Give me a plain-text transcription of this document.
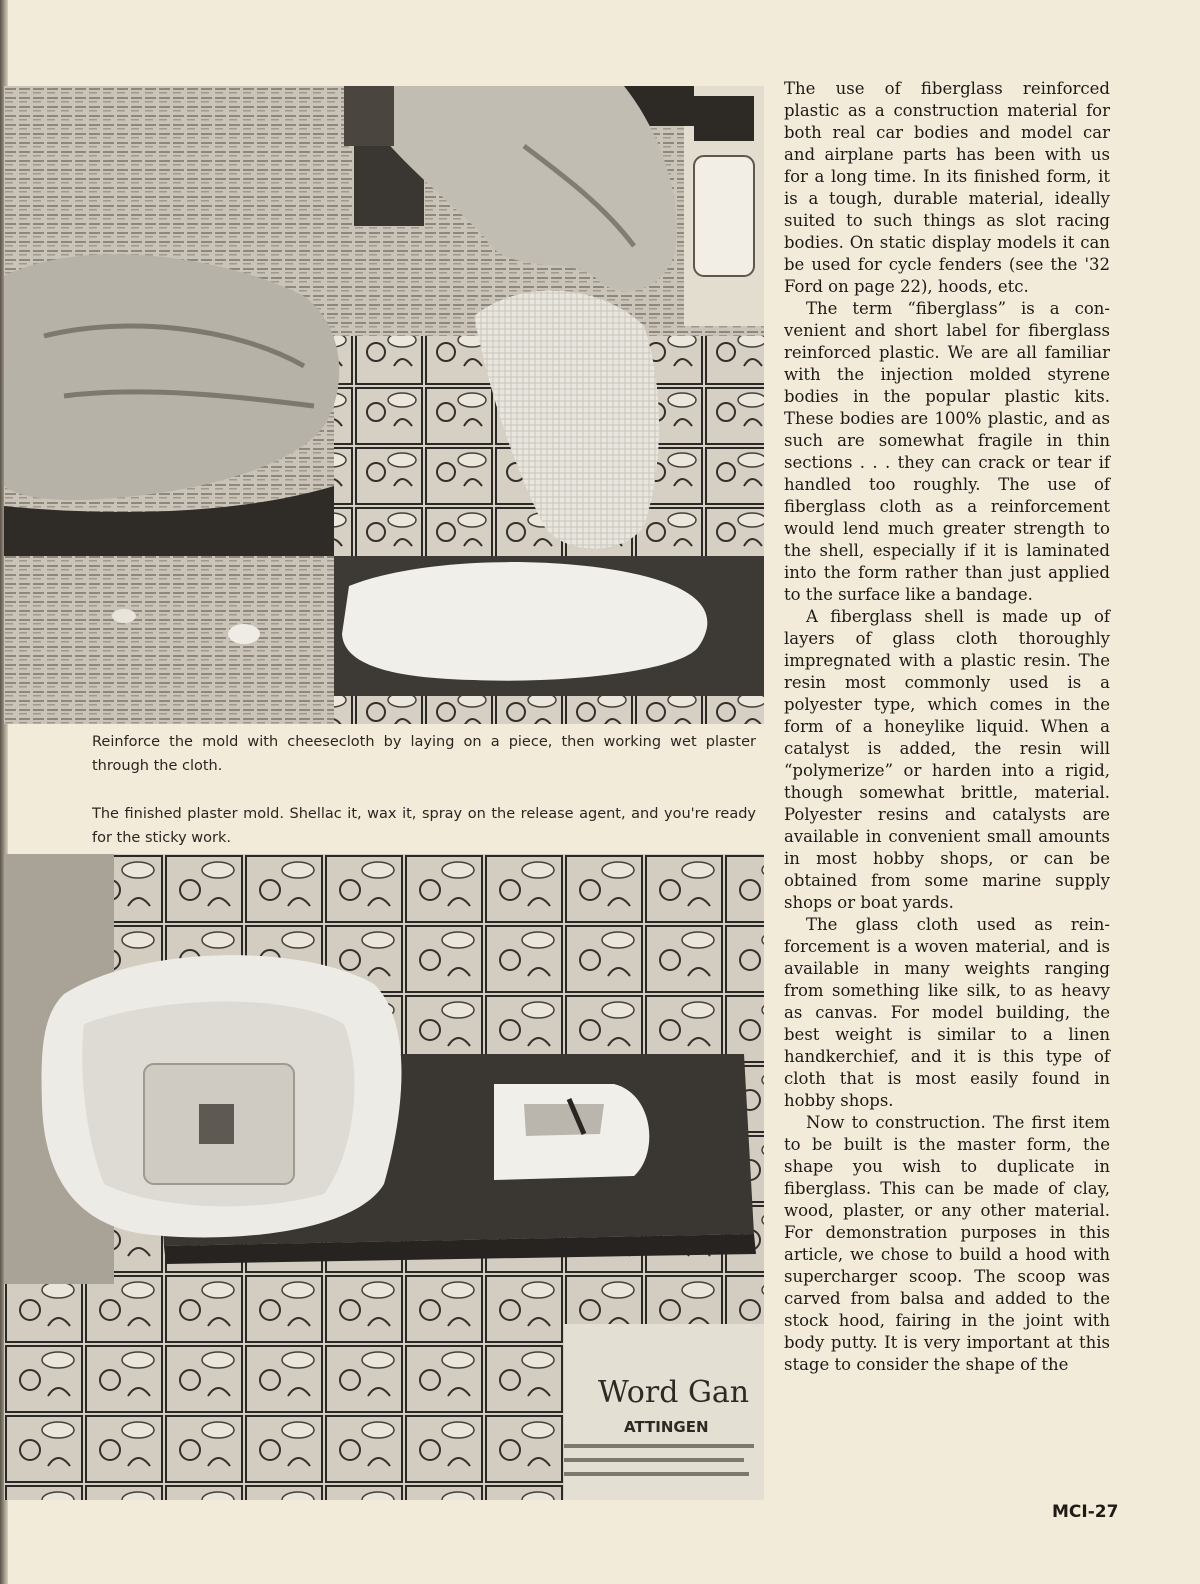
Reinforce the mold with cheesecloth by laying on a piece, then working wet plaster through the cloth.

The finished plaster mold. Shellac it, wax it, spray on the release agent, and you're ready for the sticky work.

Word Gan
ATTINGEN

The use of fiberglass reinforced plastic as a construction material for both real car bodies and model car and airplane parts has been with us for a long time. In its finished form, it is a tough, durable material, ideally suited to such things as slot racing bodies. On static display models it can be used for cycle fenders (see the '32 Ford on page 22), hoods, etc.

The term “fiberglass” is a convenient and short label for fiberglass reinforced plastic. We are all familiar with the injection molded styrene bodies in the popular plastic kits. These bodies are 100% plastic, and as such are somewhat fragile in thin sections . . . they can crack or tear if handled too roughly. The use of fiberglass cloth as a reinforcement would lend much greater strength to the shell, especially if it is laminated into the form rather than just applied to the surface like a bandage.

A fiberglass shell is made up of layers of glass cloth thoroughly impregnated with a plastic resin. The resin most commonly used is a polyester type, which comes in the form of a honeylike liquid. When a catalyst is added, the resin will “polymerize” or harden into a rigid, though somewhat brittle, material. Polyester resins and catalysts are available in convenient small amounts in most hobby shops, or can be obtained from some marine supply shops or boat yards.

The glass cloth used as reinforcement is a woven material, and is available in many weights ranging from something like silk, to as heavy as canvas. For model building, the best weight is similar to a linen handkerchief, and it is this type of cloth that is most easily found in hobby shops.

Now to construction. The first item to be built is the master form, the shape you wish to duplicate in fiberglass. This can be made of clay, wood, plaster, or any other material. For demonstration purposes in this article, we chose to build a hood with supercharger scoop. The scoop was carved from balsa and added to the stock hood, fairing in the joint with body putty. It is very important at this stage to consider the shape of the

MCI-27
